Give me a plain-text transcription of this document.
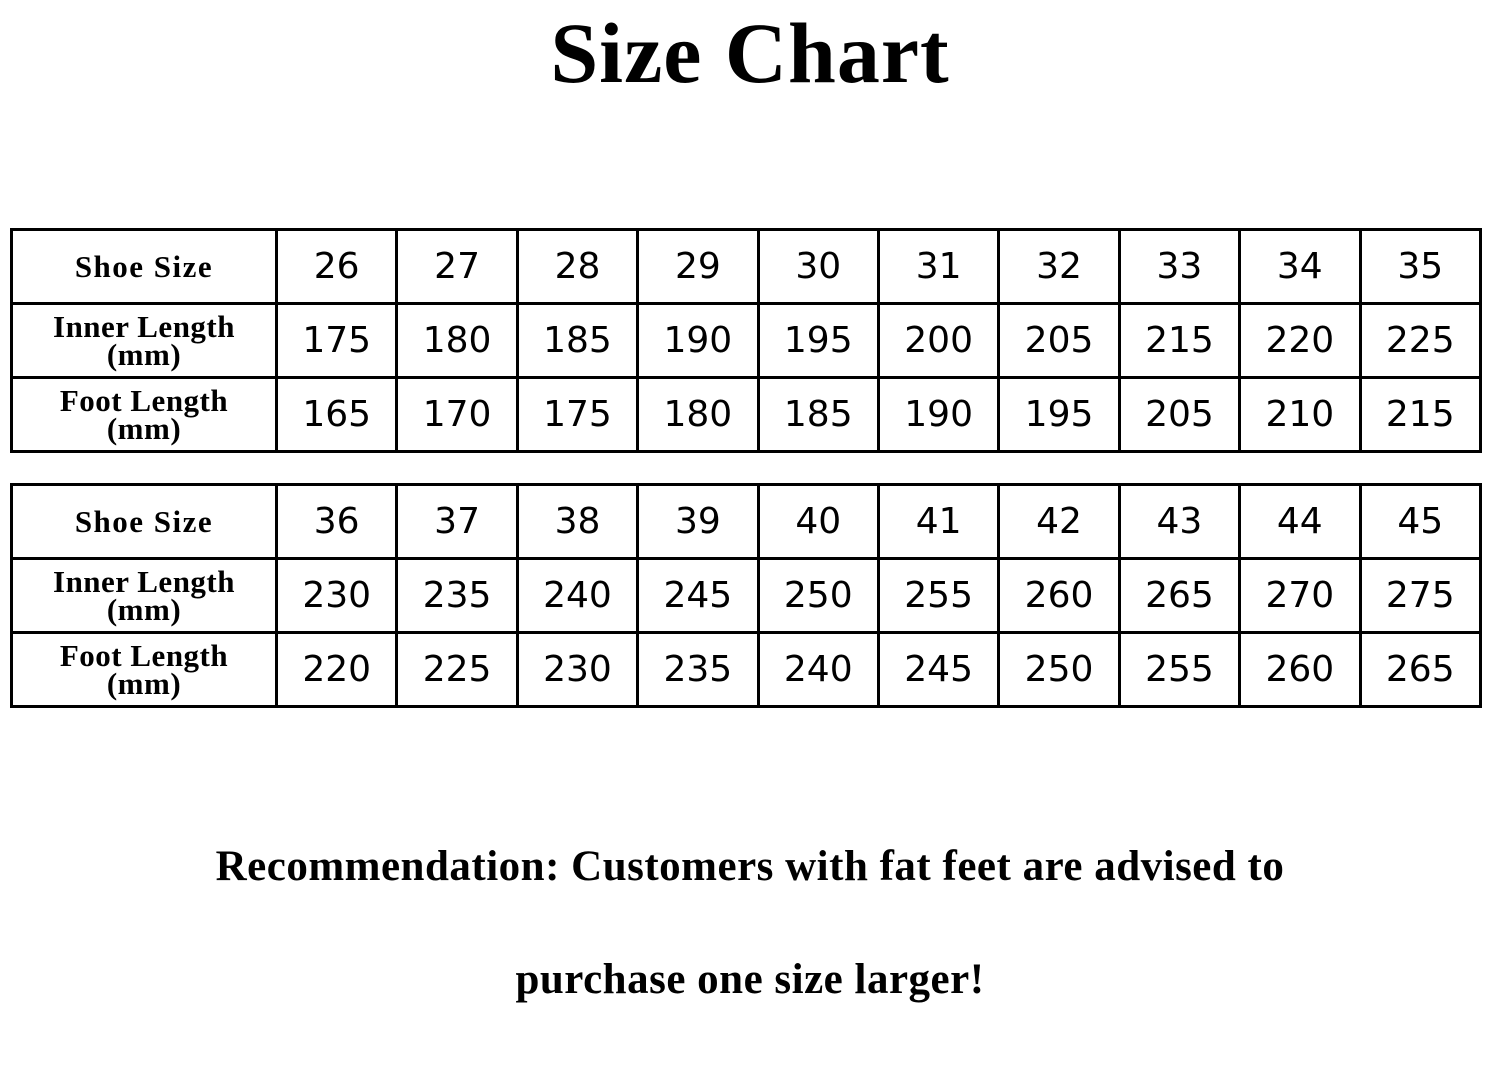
Size Chart
Shoe Size	26	27	28	29	30	31	32	33	34	35
Inner Length
(mm)	175	180	185	190	195	200	205	215	220	225
Foot Length
(mm)	165	170	175	180	185	190	195	205	210	215
Shoe Size	36	37	38	39	40	41	42	43	44	45
Inner Length
(mm)	230	235	240	245	250	255	260	265	270	275
Foot Length
(mm)	220	225	230	235	240	245	250	255	260	265
Recommendation: Customers with fat feet are advised to
purchase one size larger!
